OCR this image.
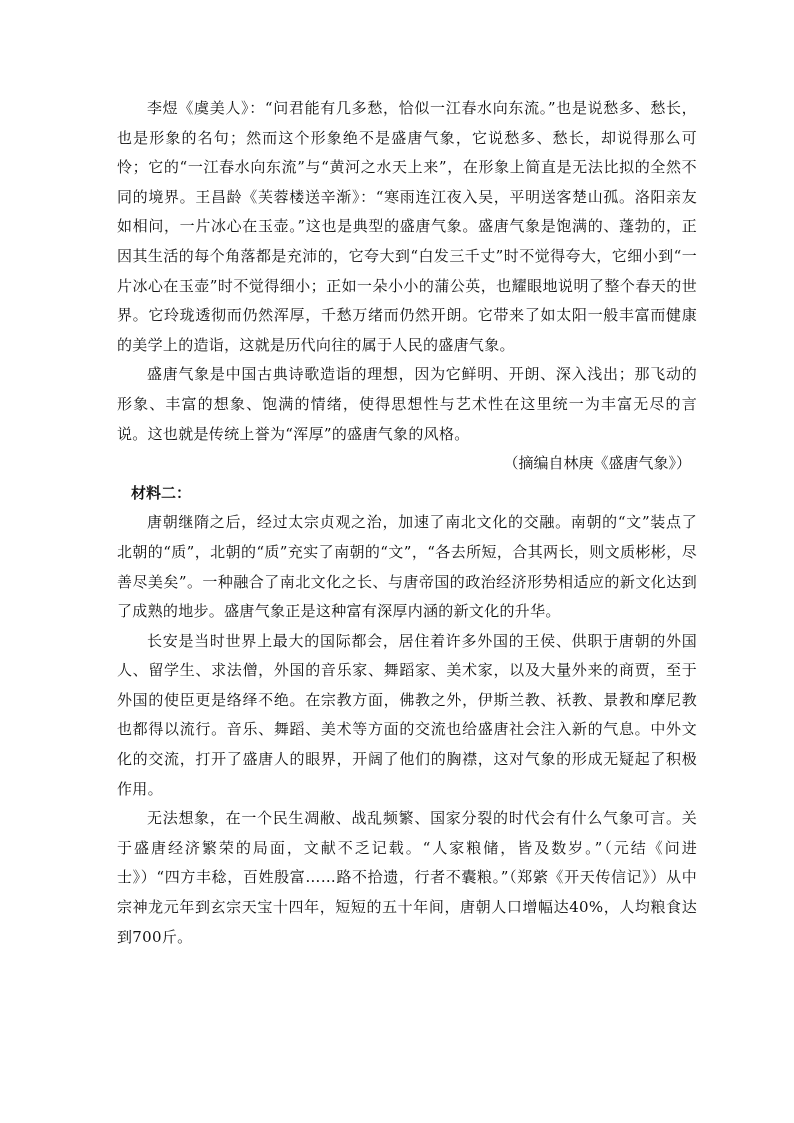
李煜《虞美人》：“问君能有几多愁，恰似一江春水向东流。”也是说愁多、愁长，也是形象的名句；然而这个形象绝不是盛唐气象，它说愁多、愁长，却说得那么可怜；它的“一江春水向东流”与“黄河之水天上来”，在形象上简直是无法比拟的全然不同的境界。王昌龄《芙蓉楼送辛渐》：“寒雨连江夜入吴，平明送客楚山孤。洛阳亲友如相问，一片冰心在玉壶。”这也是典型的盛唐气象。盛唐气象是饱满的、蓬勃的，正因其生活的每个角落都是充沛的，它夸大到“白发三千丈”时不觉得夸大，它细小到“一片冰心在玉壶”时不觉得细小；正如一朵小小的蒲公英，也耀眼地说明了整个春天的世界。它玲珑透彻而仍然浑厚，千愁万绪而仍然开朗。它带来了如太阳一般丰富而健康的美学上的造诣，这就是历代向往的属于人民的盛唐气象。

盛唐气象是中国古典诗歌造诣的理想，因为它鲜明、开朗、深入浅出；那飞动的形象、丰富的想象、饱满的情绪，使得思想性与艺术性在这里统一为丰富无尽的言说。这也就是传统上誉为“浑厚”的盛唐气象的风格。

（摘编自林庚《盛唐气象》）

材料二：

唐朝继隋之后，经过太宗贞观之治，加速了南北文化的交融。南朝的“文”装点了北朝的“质”，北朝的“质”充实了南朝的“文”，“各去所短，合其两长，则文质彬彬，尽善尽美矣”。一种融合了南北文化之长、与唐帝国的政治经济形势相适应的新文化达到了成熟的地步。盛唐气象正是这种富有深厚内涵的新文化的升华。

长安是当时世界上最大的国际都会，居住着许多外国的王侯、供职于唐朝的外国人、留学生、求法僧，外国的音乐家、舞蹈家、美术家，以及大量外来的商贾，至于外国的使臣更是络绎不绝。在宗教方面，佛教之外，伊斯兰教、袄教、景教和摩尼教也都得以流行。音乐、舞蹈、美术等方面的交流也给盛唐社会注入新的气息。中外文化的交流，打开了盛唐人的眼界，开阔了他们的胸襟，这对气象的形成无疑起了积极作用。

无法想象，在一个民生凋敝、战乱频繁、国家分裂的时代会有什么气象可言。关于盛唐经济繁荣的局面，文献不乏记载。“人家粮储，皆及数岁。”（元结《问进士》）“四方丰稔，百姓殷富……路不拾遗，行者不囊粮。”（郑綮《开天传信记》）从中宗神龙元年到玄宗天宝十四年，短短的五十年间，唐朝人口增幅达40%，人均粮食达到700斤。
